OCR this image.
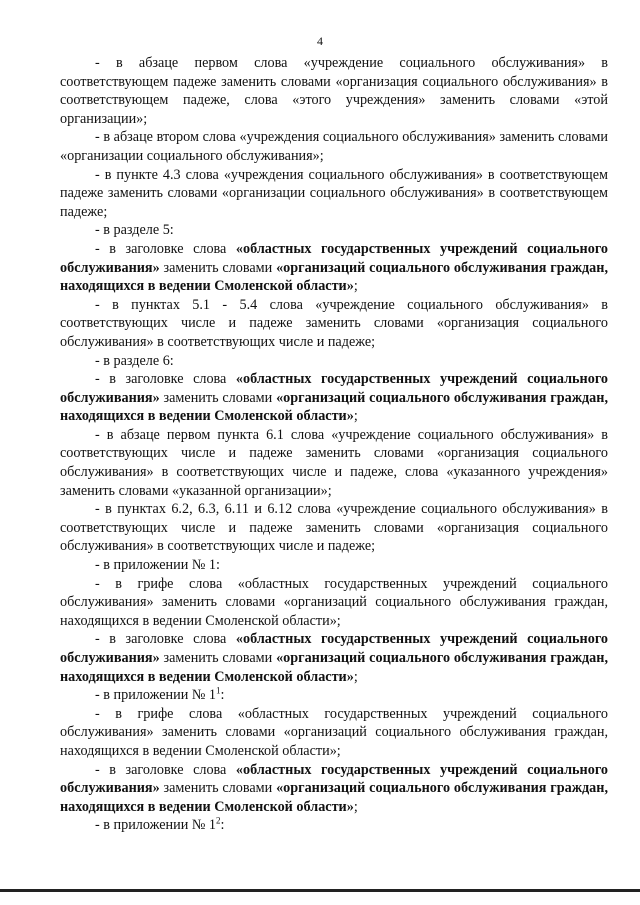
4

- в абзаце первом слова «учреждение социального обслуживания» в соответствующем падеже заменить словами «организация социального обслуживания» в соответствующем падеже, слова «этого учреждения» заменить словами «этой организации»;

- в абзаце втором слова «учреждения социального обслуживания» заменить словами «организации социального обслуживания»;

- в пункте 4.3 слова «учреждения социального обслуживания» в соответствующем падеже заменить словами «организации социального обслуживания» в соответствующем падеже;

- в разделе 5:

- в заголовке слова «областных государственных учреждений социального обслуживания» заменить словами «организаций социального обслуживания граждан, находящихся в ведении Смоленской области»;

- в пунктах 5.1 - 5.4 слова «учреждение социального обслуживания» в соответствующих числе и падеже заменить словами «организация социального обслуживания» в соответствующих числе и падеже;

- в разделе 6:

- в заголовке слова «областных государственных учреждений социального обслуживания» заменить словами «организаций социального обслуживания граждан, находящихся в ведении Смоленской области»;

- в абзаце первом пункта 6.1 слова «учреждение социального обслуживания» в соответствующих числе и падеже заменить словами «организация социального обслуживания» в соответствующих числе и падеже, слова «указанного учреждения» заменить словами «указанной организации»;

- в пунктах 6.2, 6.3, 6.11 и 6.12 слова «учреждение социального обслуживания» в соответствующих числе и падеже заменить словами «организация социального обслуживания» в соответствующих числе и падеже;

- в приложении № 1:

- в грифе слова «областных государственных учреждений социального обслуживания» заменить словами «организаций социального обслуживания граждан, находящихся в ведении Смоленской области»;

- в заголовке слова «областных государственных учреждений социального обслуживания» заменить словами «организаций социального обслуживания граждан, находящихся в ведении Смоленской области»;

- в приложении № $1^1$:

- в грифе слова «областных государственных учреждений социального обслуживания» заменить словами «организаций социального обслуживания граждан, находящихся в ведении Смоленской области»;

- в заголовке слова «областных государственных учреждений социального обслуживания» заменить словами «организаций социального обслуживания граждан, находящихся в ведении Смоленской области»;

- в приложении № $1^2$:
